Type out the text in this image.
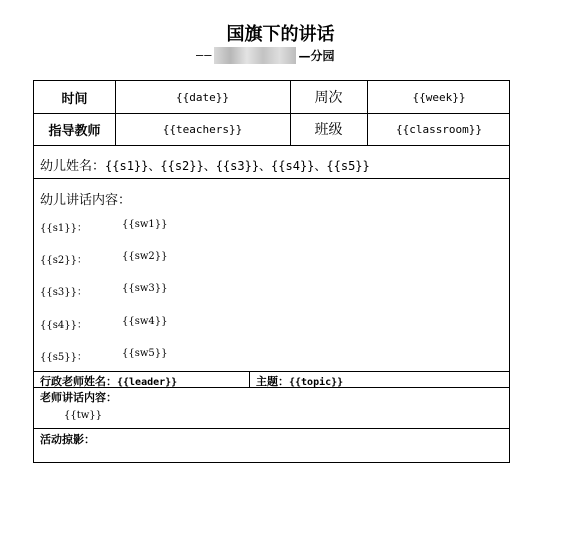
国旗下的讲话
——	—分园
时间	{{date}}	周次	{{week}}
指导教师	{{teachers}}	班级	{{classroom}}
幼儿姓名：{{s1}}、{{s2}}、{{s3}}、{{s4}}、{{s5}}
幼儿讲话内容：
{{s1}}：	{{sw1}}
{{s2}}：	{{sw2}}
{{s3}}：	{{sw3}}
{{s4}}：	{{sw4}}
{{s5}}：	{{sw5}}
行政老师姓名：{{leader}}	主题：{{topic}}
老师讲话内容：
{{tw}}
活动掠影：
